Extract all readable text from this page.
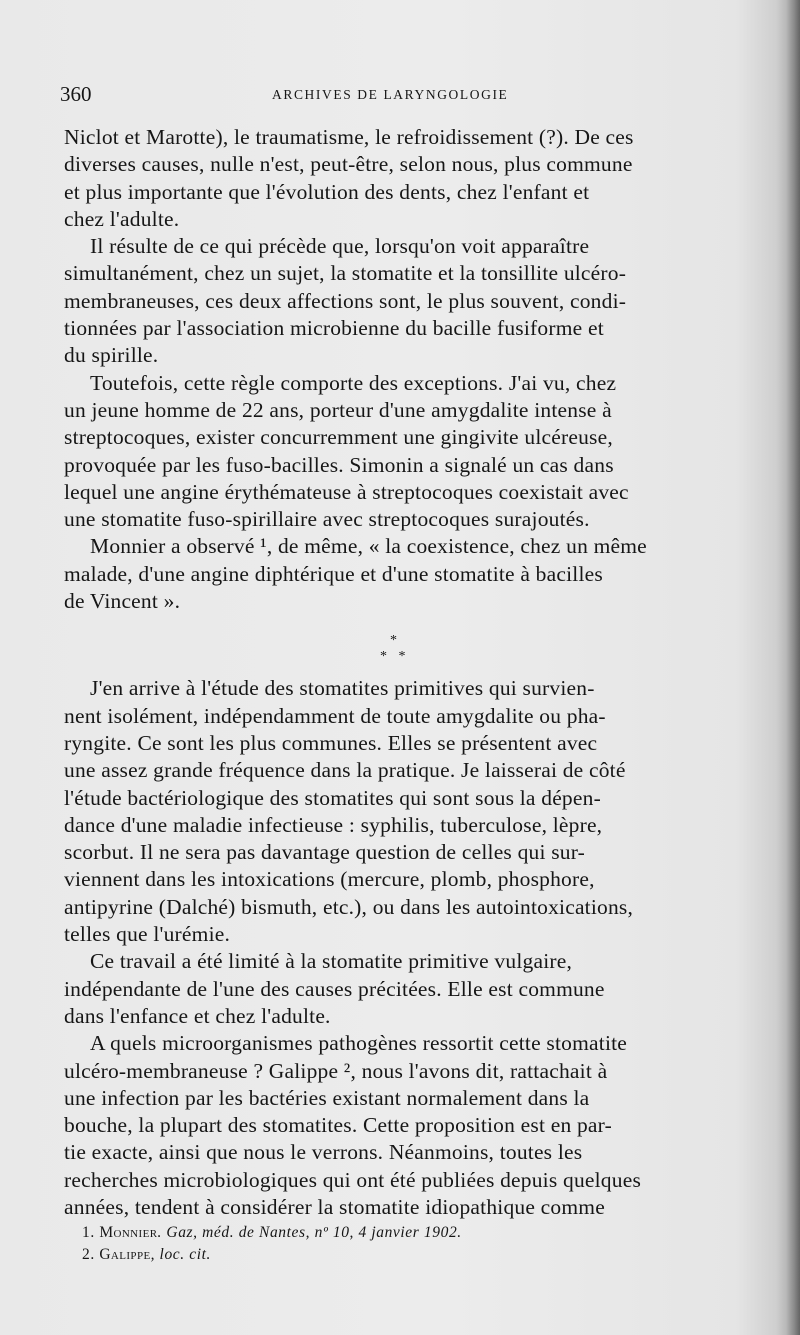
360	ARCHIVES DE LARYNGOLOGIE

Niclot et Marotte), le traumatisme, le refroidissement (?). De ces
diverses causes, nulle n'est, peut-être, selon nous, plus commune
et plus importante que l'évolution des dents, chez l'enfant et
chez l'adulte.

Il résulte de ce qui précède que, lorsqu'on voit apparaître
simultanément, chez un sujet, la stomatite et la tonsillite ulcéro-
membraneuses, ces deux affections sont, le plus souvent, condi-
tionnées par l'association microbienne du bacille fusiforme et
du spirille.

Toutefois, cette règle comporte des exceptions. J'ai vu, chez
un jeune homme de 22 ans, porteur d'une amygdalite intense à
streptocoques, exister concurremment une gingivite ulcéreuse,
provoquée par les fuso-bacilles. Simonin a signalé un cas dans
lequel une angine érythémateuse à streptocoques coexistait avec
une stomatite fuso-spirillaire avec streptocoques surajoutés.

Monnier a observé ¹, de même, « la coexistence, chez un même
malade, d'une angine diphtérique et d'une stomatite à bacilles
de Vincent ».

*
* *

J'en arrive à l'étude des stomatites primitives qui survien-
nent isolément, indépendamment de toute amygdalite ou pha-
ryngite. Ce sont les plus communes. Elles se présentent avec
une assez grande fréquence dans la pratique. Je laisserai de côté
l'étude bactériologique des stomatites qui sont sous la dépen-
dance d'une maladie infectieuse : syphilis, tuberculose, lèpre,
scorbut. Il ne sera pas davantage question de celles qui sur-
viennent dans les intoxications (mercure, plomb, phosphore,
antipyrine (Dalché) bismuth, etc.), ou dans les autointoxications,
telles que l'urémie.

Ce travail a été limité à la stomatite primitive vulgaire,
indépendante de l'une des causes précitées. Elle est commune
dans l'enfance et chez l'adulte.

A quels microorganismes pathogènes ressortit cette stomatite
ulcéro-membraneuse ? Galippe ², nous l'avons dit, rattachait à
une infection par les bactéries existant normalement dans la
bouche, la plupart des stomatites. Cette proposition est en par-
tie exacte, ainsi que nous le verrons. Néanmoins, toutes les
recherches microbiologiques qui ont été publiées depuis quelques
années, tendent à considérer la stomatite idiopathique comme

1. Monnier. Gaz, méd. de Nantes, nº 10, 4 janvier 1902.
2. Galippe, loc. cit.
